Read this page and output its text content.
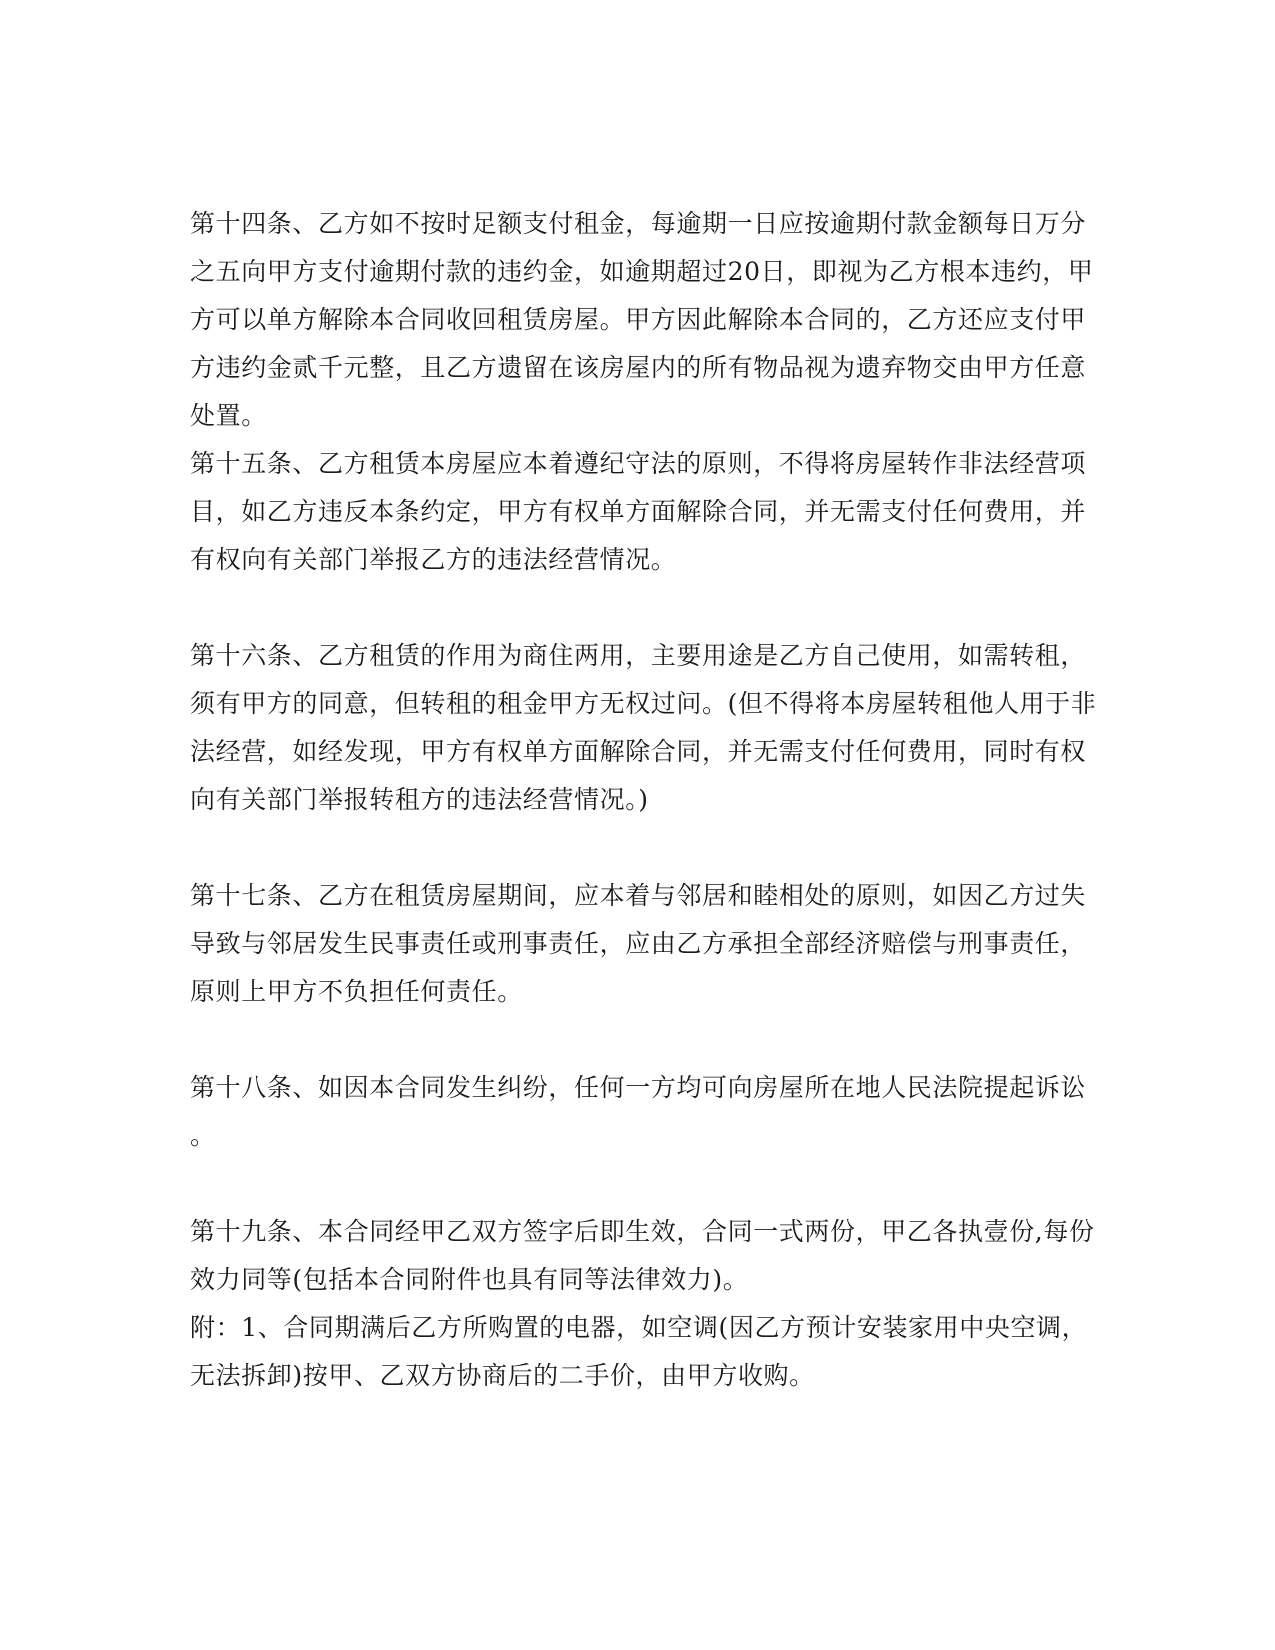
第十四条、乙方如不按时足额支付租金，每逾期一日应按逾期付款金额每日万分
之五向甲方支付逾期付款的违约金，如逾期超过20日，即视为乙方根本违约，甲
方可以单方解除本合同收回租赁房屋。甲方因此解除本合同的，乙方还应支付甲
方违约金贰千元整，且乙方遗留在该房屋内的所有物品视为遗弃物交由甲方任意
处置。
第十五条、乙方租赁本房屋应本着遵纪守法的原则，不得将房屋转作非法经营项
目，如乙方违反本条约定，甲方有权单方面解除合同，并无需支付任何费用，并
有权向有关部门举报乙方的违法经营情况。
第十六条、乙方租赁的作用为商住两用，主要用途是乙方自己使用，如需转租，
须有甲方的同意，但转租的租金甲方无权过问。(但不得将本房屋转租他人用于非
法经营，如经发现，甲方有权单方面解除合同，并无需支付任何费用，同时有权
向有关部门举报转租方的违法经营情况。)
第十七条、乙方在租赁房屋期间，应本着与邻居和睦相处的原则，如因乙方过失
导致与邻居发生民事责任或刑事责任，应由乙方承担全部经济赔偿与刑事责任，
原则上甲方不负担任何责任。
第十八条、如因本合同发生纠纷，任何一方均可向房屋所在地人民法院提起诉讼
。
第十九条、本合同经甲乙双方签字后即生效，合同一式两份，甲乙各执壹份,每份
效力同等(包括本合同附件也具有同等法律效力)。
附：1、合同期满后乙方所购置的电器，如空调(因乙方预计安装家用中央空调，
无法拆卸)按甲、乙双方协商后的二手价，由甲方收购。
